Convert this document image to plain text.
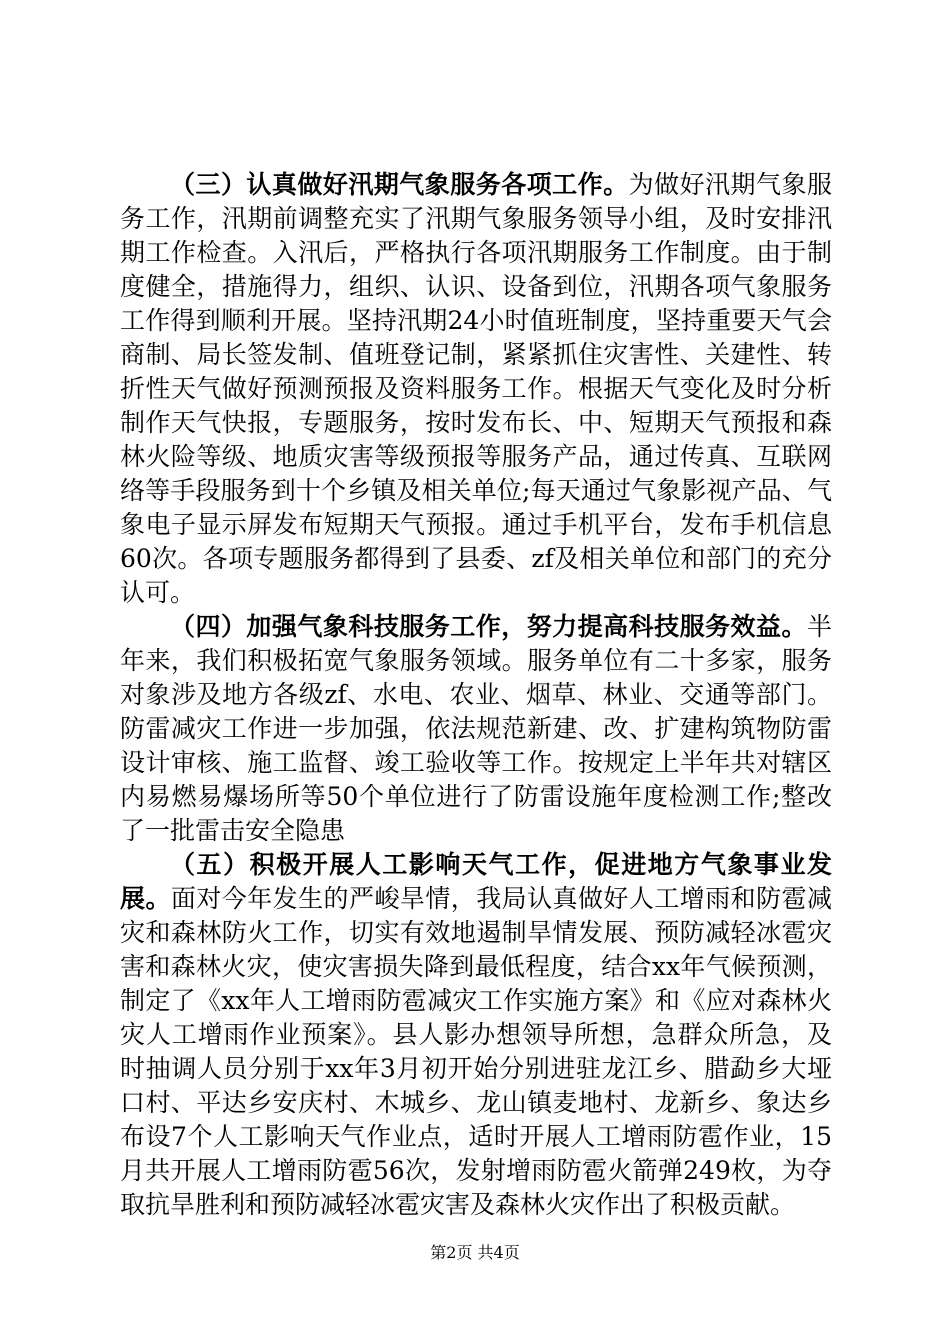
（三）认真做好汛期气象服务各项工作。为做好汛期气象服务工作，汛期前调整充实了汛期气象服务领导小组，及时安排汛期工作检查。入汛后，严格执行各项汛期服务工作制度。由于制度健全，措施得力，组织、认识、设备到位，汛期各项气象服务工作得到顺利开展。坚持汛期24小时值班制度，坚持重要天气会商制、局长签发制、值班登记制，紧紧抓住灾害性、关建性、转折性天气做好预测预报及资料服务工作。根据天气变化及时分析制作天气快报，专题服务，按时发布长、中、短期天气预报和森林火险等级、地质灾害等级预报等服务产品，通过传真、互联网络等手段服务到十个乡镇及相关单位;每天通过气象影视产品、气象电子显示屏发布短期天气预报。通过手机平台，发布手机信息60次。各项专题服务都得到了县委、zf及相关单位和部门的充分认可。

（四）加强气象科技服务工作，努力提高科技服务效益。半年来，我们积极拓宽气象服务领域。服务单位有二十多家，服务对象涉及地方各级zf、水电、农业、烟草、林业、交通等部门。防雷减灾工作进一步加强，依法规范新建、改、扩建构筑物防雷设计审核、施工监督、竣工验收等工作。按规定上半年共对辖区内易燃易爆场所等50个单位进行了防雷设施年度检测工作;整改了一批雷击安全隐患

（五）积极开展人工影响天气工作，促进地方气象事业发展。面对今年发生的严峻旱情，我局认真做好人工增雨和防雹减灾和森林防火工作，切实有效地遏制旱情发展、预防减轻冰雹灾害和森林火灾，使灾害损失降到最低程度，结合xx年气候预测，制定了《xx年人工增雨防雹减灾工作实施方案》和《应对森林火灾人工增雨作业预案》。县人影办想领导所想，急群众所急，及时抽调人员分别于xx年3月初开始分别进驻龙江乡、腊勐乡大垭口村、平达乡安庆村、木城乡、龙山镇麦地村、龙新乡、象达乡布设7个人工影响天气作业点，适时开展人工增雨防雹作业，15月共开展人工增雨防雹56次，发射增雨防雹火箭弹249枚，为夺取抗旱胜利和预防减轻冰雹灾害及森林火灾作出了积极贡献。

第2页 共4页
